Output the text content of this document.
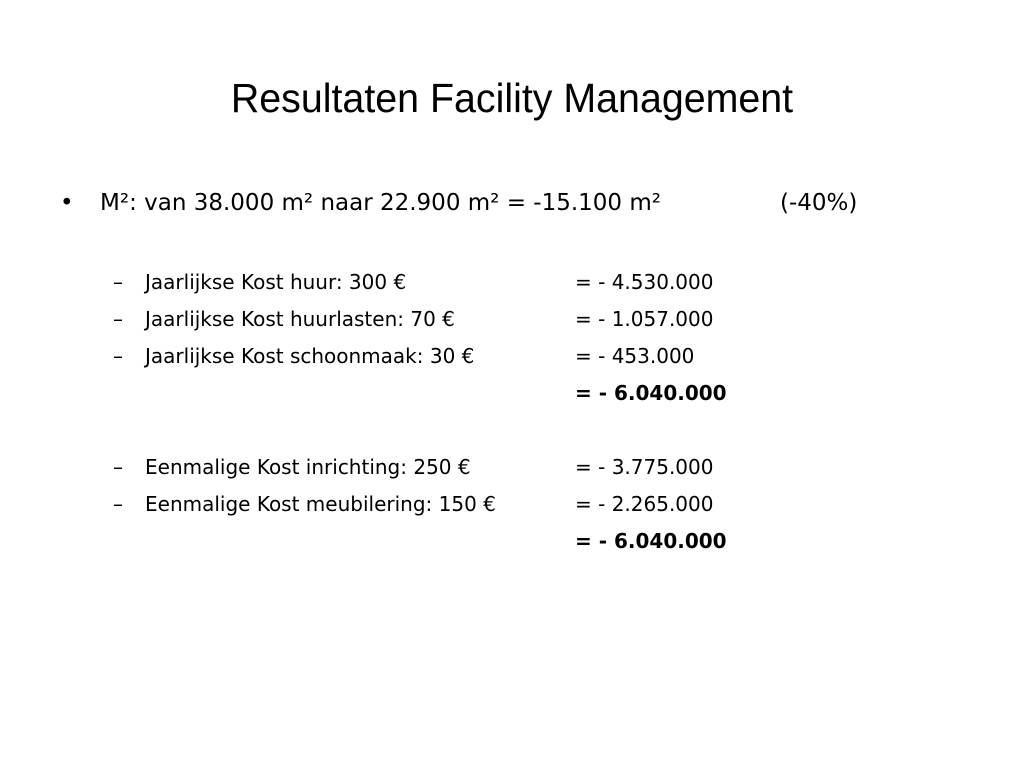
Resultaten Facility Management
• M²: van 38.000 m² naar 22.900 m² = -15.100 m²	(-40%)
– Jaarlijkse Kost huur: 300 €	= - 4.530.000
– Jaarlijkse Kost huurlasten: 70 €	= - 1.057.000
– Jaarlijkse Kost schoonmaak: 30 €	= - 453.000
= - 6.040.000
– Eenmalige Kost inrichting: 250 €	= - 3.775.000
– Eenmalige Kost meubilering: 150 €	= - 2.265.000
= - 6.040.000
